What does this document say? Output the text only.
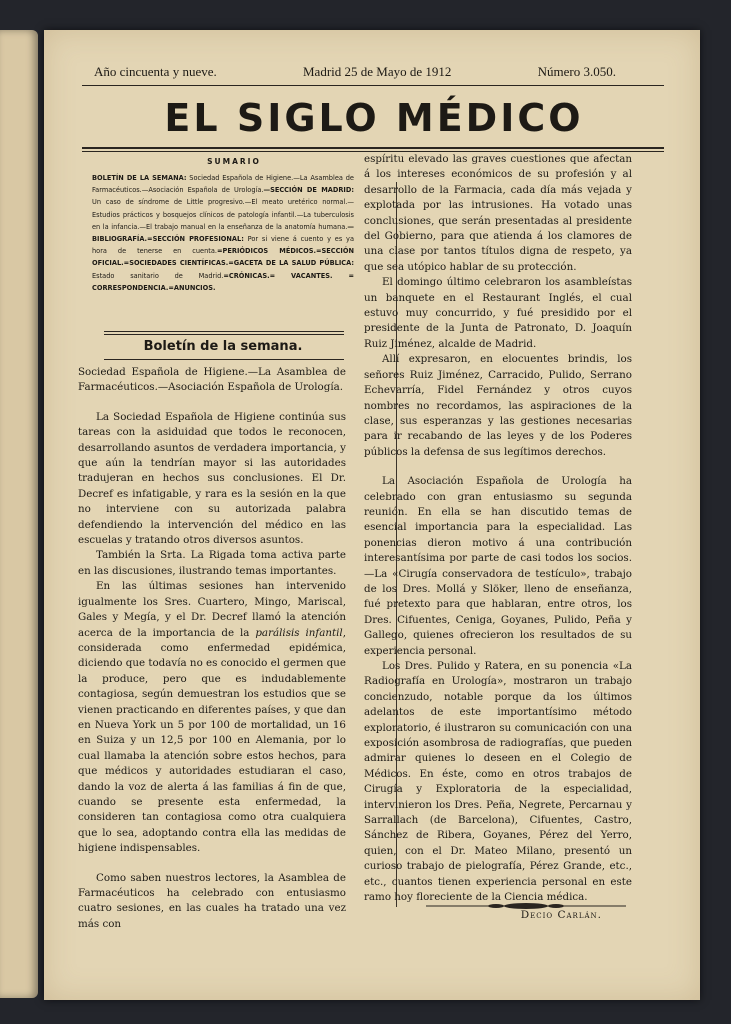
Año cincuenta y nueve.	Madrid 25 de Mayo de 1912	Número 3.050.
EL SIGLO MÉDICO
SUMARIO
BOLETÍN DE LA SEMANA: Sociedad Española de Higiene.—La Asamblea de Farmacéuticos.—Asociación Española de Urología.—SECCIÓN DE MADRID: Un caso de síndrome de Little progresivo.—El meato uretérico normal.—Estudios prácticos y bosquejos clínicos de patología infantil.—La tuberculosis en la infancia.—El trabajo manual en la enseñanza de la anatomía humana.—BIBLIOGRAFÍA.=SECCIÓN PROFESIONAL: Por si viene á cuento y es ya hora de tenerse en cuenta.=PERIÓDICOS MÉDICOS.=SECCIÓN OFICIAL.=SOCIEDADES CIENTÍFICAS.=GACETA DE LA SALUD PÚBLICA: Estado sanitario de Madrid.=CRÓNICAS.= VACANTES. = CORRESPONDENCIA.=ANUNCIOS.
Boletín de la semana.

Sociedad Española de Higiene.—La Asamblea de Farmacéuticos.—Asociación Española de Urología.

La Sociedad Española de Higiene continúa sus tareas con la asiduidad que todos le reconocen, desarrollando asuntos de verdadera importancia, y que aún la tendrían mayor si las autoridades tradujeran en hechos sus conclusiones. El Dr. Decref es infatigable, y rara es la sesión en la que no interviene con su autorizada palabra defendiendo la intervención del médico en las escuelas y tratando otros diversos asuntos.

También la Srta. La Rigada toma activa parte en las discusiones, ilustrando temas importantes.

En las últimas sesiones han intervenido igualmente los Sres. Cuartero, Mingo, Mariscal, Gales y Megía, y el Dr. Decref llamó la atención acerca de la importancia de la parálisis infantil, considerada como enfermedad epidémica, diciendo que todavía no es conocido el germen que la produce, pero que es indudablemente contagiosa, según demuestran los estudios que se vienen practicando en diferentes países, y que dan en Nueva York un 5 por 100 de mortalidad, un 16 en Suiza y un 12,5 por 100 en Alemania, por lo cual llamaba la atención sobre estos hechos, para que médicos y autoridades estudiaran el caso, dando la voz de alerta á las familias á fin de que, cuando se presente esta enfermedad, la consideren tan contagiosa como otra cualquiera que lo sea, adoptando contra ella las medidas de higiene indispensables.

Como saben nuestros lectores, la Asamblea de Farmacéuticos ha celebrado con entusiasmo cuatro sesiones, en las cuales ha tratado una vez más con

espíritu elevado las graves cuestiones que afectan á los intereses económicos de su profesión y al desarrollo de la Farmacia, cada día más vejada y explotada por las intrusiones. Ha votado unas conclusiones, que serán presentadas al presidente del Gobierno, para que atienda á los clamores de una clase por tantos títulos digna de respeto, ya que sea utópico hablar de su protección.

El domingo último celebraron los asambleístas un banquete en el Restaurant Inglés, el cual estuvo muy concurrido, y fué presidido por el presidente de la Junta de Patronato, D. Joaquín Ruiz Jiménez, alcalde de Madrid.

Allí expresaron, en elocuentes brindis, los señores Ruiz Jiménez, Carracido, Pulido, Serrano Echevarría, Fidel Fernández y otros cuyos nombres no recordamos, las aspiraciones de la clase, sus esperanzas y las gestiones necesarias para ir recabando de las leyes y de los Poderes públicos la defensa de sus legítimos derechos.

La Asociación Española de Urología ha celebrado con gran entusiasmo su segunda reunión. En ella se han discutido temas de esencial importancia para la especialidad. Las ponencias dieron motivo á una contribución interesantísima por parte de casi todos los socios.—La «Cirugía conservadora de testículo», trabajo de los Dres. Mollá y Slöker, lleno de enseñanza, fué pretexto para que hablaran, entre otros, los Dres. Cifuentes, Ceniga, Goyanes, Pulido, Peña y Gallego, quienes ofrecieron los resultados de su experiencia personal.

Los Dres. Pulido y Ratera, en su ponencia «La Radiografía en Urología», mostraron un trabajo concienzudo, notable porque da los últimos adelantos de este importantísimo método exploratorio, é ilustraron su comunicación con una exposición asombrosa de radiografías, que pueden admirar quienes lo deseen en el Colegio de Médicos. En éste, como en otros trabajos de Cirugía y Exploratoria de la especialidad, intervinieron los Dres. Peña, Negrete, Percarnau y Sarrallach (de Barcelona), Cifuentes, Castro, Sánchez de Ribera, Goyanes, Pérez del Yerro, quien, con el Dr. Mateo Milano, presentó un curioso trabajo de pielografía, Pérez Grande, etc., etc., cuantos tienen experiencia personal en este ramo hoy floreciente de la Ciencia médica.

Decio Carlán.
